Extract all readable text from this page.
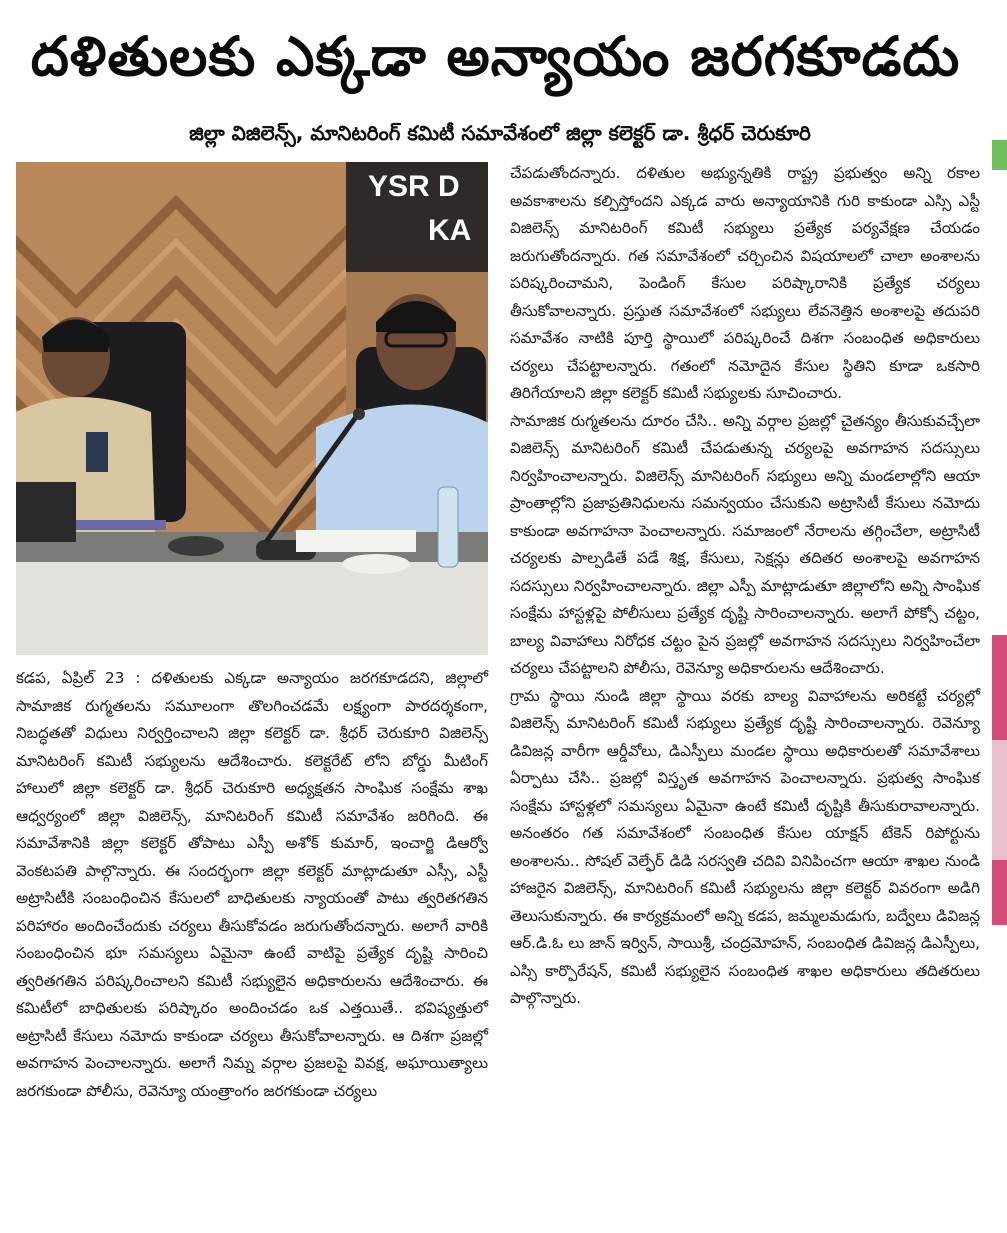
దళితులకు ఎక్కడా అన్యాయం జరగకూడదు
జిల్లా విజిలెన్స్, మానిటరింగ్ కమిటీ సమావేశంలో జిల్లా కలెక్టర్ డా. శ్రీధర్ చెరుకూరి
YSR D
KA

కడప, ఏప్రిల్ 23 : దళితులకు ఎక్కడా అన్యాయం జరగకూడదని, జిల్లాలో సామాజిక రుగ్మతలను సమూలంగా తొలగించడమే లక్ష్యంగా పారదర్శకంగా, నిబద్ధతతో విధులు నిర్వర్తించాలని జిల్లా కలెక్టర్ డా. శ్రీధర్ చెరుకూరి విజిలెన్స్ మానిటరింగ్ కమిటీ సభ్యులను ఆదేశించారు. కలెక్టరేట్ లోని బోర్డు మీటింగ్ హాలులో జిల్లా కలెక్టర్ డా. శ్రీధర్ చెరుకూరి అధ్యక్షతన సాంఘిక సంక్షేమ శాఖ ఆధ్వర్యంలో జిల్లా విజిలెన్స్, మానిటరింగ్ కమిటీ సమావేశం జరిగింది. ఈ సమావేశానికి జిల్లా కలెక్టర్ తోపాటు ఎస్పీ అశోక్ కుమార్, ఇంచార్జి డిఆర్వో వెంకటపతి పాల్గొన్నారు. ఈ సందర్భంగా జిల్లా కలెక్టర్ మాట్లాడుతూ ఎస్సీ, ఎస్టీ అట్రాసిటీకి సంబంధించిన కేసులలో బాధితులకు న్యాయంతో పాటు త్వరితగతిన పరిహారం అందించేందుకు చర్యలు తీసుకోవడం జరుగుతోందన్నారు. అలాగే వారికి సంబంధించిన భూ సమస్యలు ఏమైనా ఉంటే వాటిపై ప్రత్యేక దృష్టి సారించి త్వరితగతిన పరిష్కరించాలని కమిటీ సభ్యులైన అధికారులను ఆదేశించారు. ఈ కమిటీలో బాధితులకు పరిష్కారం అందించడం ఒక ఎత్తయితే.. భవిష్యత్తులో అట్రాసిటీ కేసులు నమోదు కాకుండా చర్యలు తీసుకోవాలన్నారు. ఆ దిశగా ప్రజల్లో అవగాహన పెంచాలన్నారు. అలాగే నిమ్న వర్గాల ప్రజలపై వివక్ష, అఘాయిత్యాలు జరగకుండా పోలీసు, రెవెన్యూ యంత్రాంగం జరగకుండా చర్యలు

చేపడుతోందన్నారు. దళితుల అభ్యున్నతికి రాష్ట్ర ప్రభుత్వం అన్ని రకాల అవకాశాలను కల్పిస్తోందని ఎక్కడ వారు అన్యాయానికి గురి కాకుండా ఎస్సి ఎస్టీ విజిలెన్స్ మానిటరింగ్ కమిటీ సభ్యులు ప్రత్యేక పర్యవేక్షణ చేయడం జరుగుతోందన్నారు. గత సమావేశంలో చర్చించిన విషయాలలో చాలా అంశాలను పరిష్కరించామని, పెండింగ్ కేసుల పరిష్కారానికి ప్రత్యేక చర్యలు తీసుకోవాలన్నారు. ప్రస్తుత సమావేశంలో సభ్యులు లేవనెత్తిన అంశాలపై తదుపరి సమావేశం నాటికి పూర్తి స్థాయిలో పరిష్కరించే దిశగా సంబంధిత అధికారులు చర్యలు చేపట్టాలన్నారు. గతంలో నమోదైన కేసుల స్థితిని కూడా ఒకసారి తిరిగేయాలని జిల్లా కలెక్టర్ కమిటీ సభ్యులకు సూచించారు.

సామాజిక రుగ్మతలను దూరం చేసి.. అన్ని వర్గాల ప్రజల్లో చైతన్యం తీసుకువచ్చేలా విజిలెన్స్ మానిటరింగ్ కమిటీ చేపడుతున్న చర్యలపై అవగాహన సదస్సులు నిర్వహించాలన్నారు. విజిలెన్స్ మానిటరింగ్ సభ్యులు అన్ని మండలాల్లోని ఆయా ప్రాంతాల్లోని ప్రజాప్రతినిధులను సమన్వయం చేసుకుని అట్రాసిటీ కేసులు నమోదు కాకుండా అవగాహనా పెంచాలన్నారు. సమాజంలో నేరాలను తగ్గించేలా, అట్రాసిటీ చర్యలకు పాల్పడితే పడే శిక్ష, కేసులు, సెక్షన్లు తదితర అంశాలపై అవగాహన సదస్సులు నిర్వహించాలన్నారు. జిల్లా ఎస్పీ మాట్లాడుతూ జిల్లాలోని అన్ని సాంఘిక సంక్షేమ హాస్టళ్లపై పోలీసులు ప్రత్యేక దృష్టి సారించాలన్నారు. అలాగే పోక్సో చట్టం, బాల్య వివాహాలు నిరోధక చట్టం పైన ప్రజల్లో అవగాహన సదస్సులు నిర్వహించేలా చర్యలు చేపట్టాలని పోలీసు, రెవెన్యూ అధికారులను ఆదేశించారు.

గ్రామ స్థాయి నుండి జిల్లా స్థాయి వరకు బాల్య వివాహాలను అరికట్టే చర్యల్లో విజిలెన్స్ మానిటరింగ్ కమిటీ సభ్యులు ప్రత్యేక దృష్టి సారించాలన్నారు. రెవెన్యూ డివిజన్ల వారీగా ఆర్డీవోలు, డిఎస్పీలు మండల స్థాయి అధికారులతో సమావేశాలు ఏర్పాటు చేసి.. ప్రజల్లో విస్తృత అవగాహన పెంచాలన్నారు. ప్రభుత్వ సాంఘిక సంక్షేమ హాస్టళ్లలో సమస్యలు ఏమైనా ఉంటే కమిటీ దృష్టికి తీసుకురావాలన్నారు. అనంతరం గత సమావేశంలో సంబంధిత కేసుల యాక్షన్ టేకెన్ రిపోర్టును అంశాలను.. సోషల్ వెల్ఫేర్ డిడి సరస్వతి చదివి వినిపించగా ఆయా శాఖల నుండి హాజరైన విజిలెన్స్, మానిటరింగ్ కమిటీ సభ్యులను జిల్లా కలెక్టర్ వివరంగా అడిగి తెలుసుకున్నారు. ఈ కార్యక్రమంలో అన్ని కడప, జమ్మలమడుగు, బద్వేలు డివిజన్ల ఆర్.డి.ఓ లు జాన్ ఇర్విన్, సాయిశ్రీ, చంద్రమోహన్, సంబంధిత డివిజన్ల డిఎస్పీలు, ఎస్సి కార్పొరేషన్, కమిటీ సభ్యులైన సంబంధిత శాఖల అధికారులు తదితరులు పాల్గొన్నారు.
